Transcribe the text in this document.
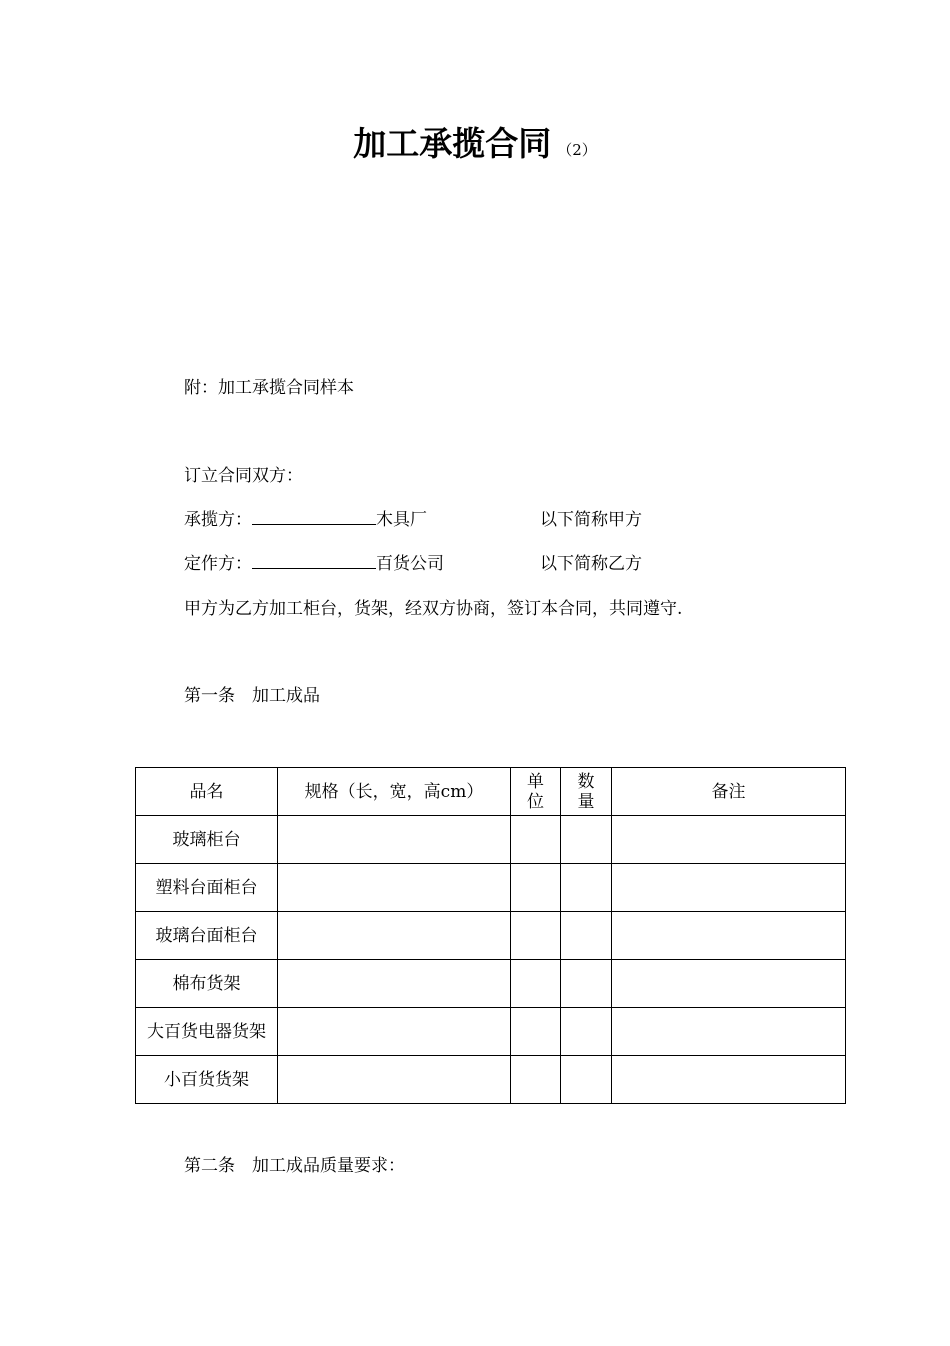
加工承揽合同 （2）
附：加工承揽合同样本
订立合同双方：
承揽方：	木具厂	以下简称甲方
定作方：	百货公司	以下简称乙方
甲方为乙方加工柜台，货架，经双方协商，签订本合同，共同遵守.
第一条　加工成品
品名	规格（长，宽，高cm）	单位	数量	备注
玻璃柜台				
塑料台面柜台				
玻璃台面柜台				
棉布货架				

大百货电器货架				

小百货货架				
第二条　加工成品质量要求：
